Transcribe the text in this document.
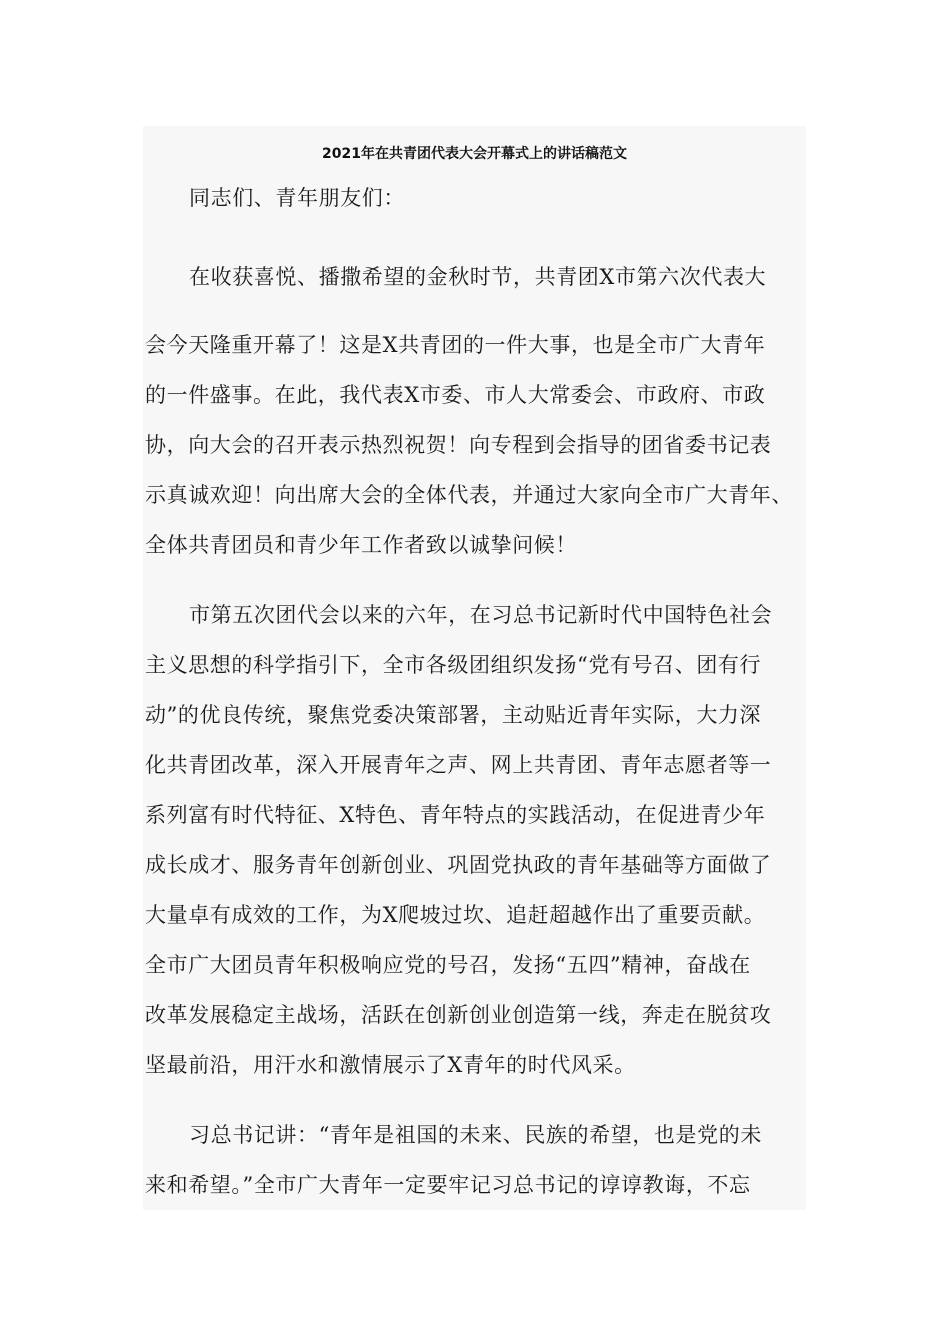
2021年在共青团代表大会开幕式上的讲话稿范文
同志们、青年朋友们：
在收获喜悦、播撒希望的金秋时节，共青团X市第六次代表大
会今天隆重开幕了！这是X共青团的一件大事，也是全市广大青年
的一件盛事。在此，我代表X市委、市人大常委会、市政府、市政
协，向大会的召开表示热烈祝贺！向专程到会指导的团省委书记表
示真诚欢迎！向出席大会的全体代表，并通过大家向全市广大青年、
全体共青团员和青少年工作者致以诚挚问候！
市第五次团代会以来的六年，在习总书记新时代中国特色社会
主义思想的科学指引下，全市各级团组织发扬“党有号召、团有行
动”的优良传统，聚焦党委决策部署，主动贴近青年实际，大力深
化共青团改革，深入开展青年之声、网上共青团、青年志愿者等一
系列富有时代特征、X特色、青年特点的实践活动，在促进青少年
成长成才、服务青年创新创业、巩固党执政的青年基础等方面做了
大量卓有成效的工作，为X爬坡过坎、追赶超越作出了重要贡献。
全市广大团员青年积极响应党的号召，发扬“五四”精神，奋战在
改革发展稳定主战场，活跃在创新创业创造第一线，奔走在脱贫攻
坚最前沿，用汗水和激情展示了X青年的时代风采。
习总书记讲：“青年是祖国的未来、民族的希望，也是党的未
来和希望。”全市广大青年一定要牢记习总书记的谆谆教诲，不忘
